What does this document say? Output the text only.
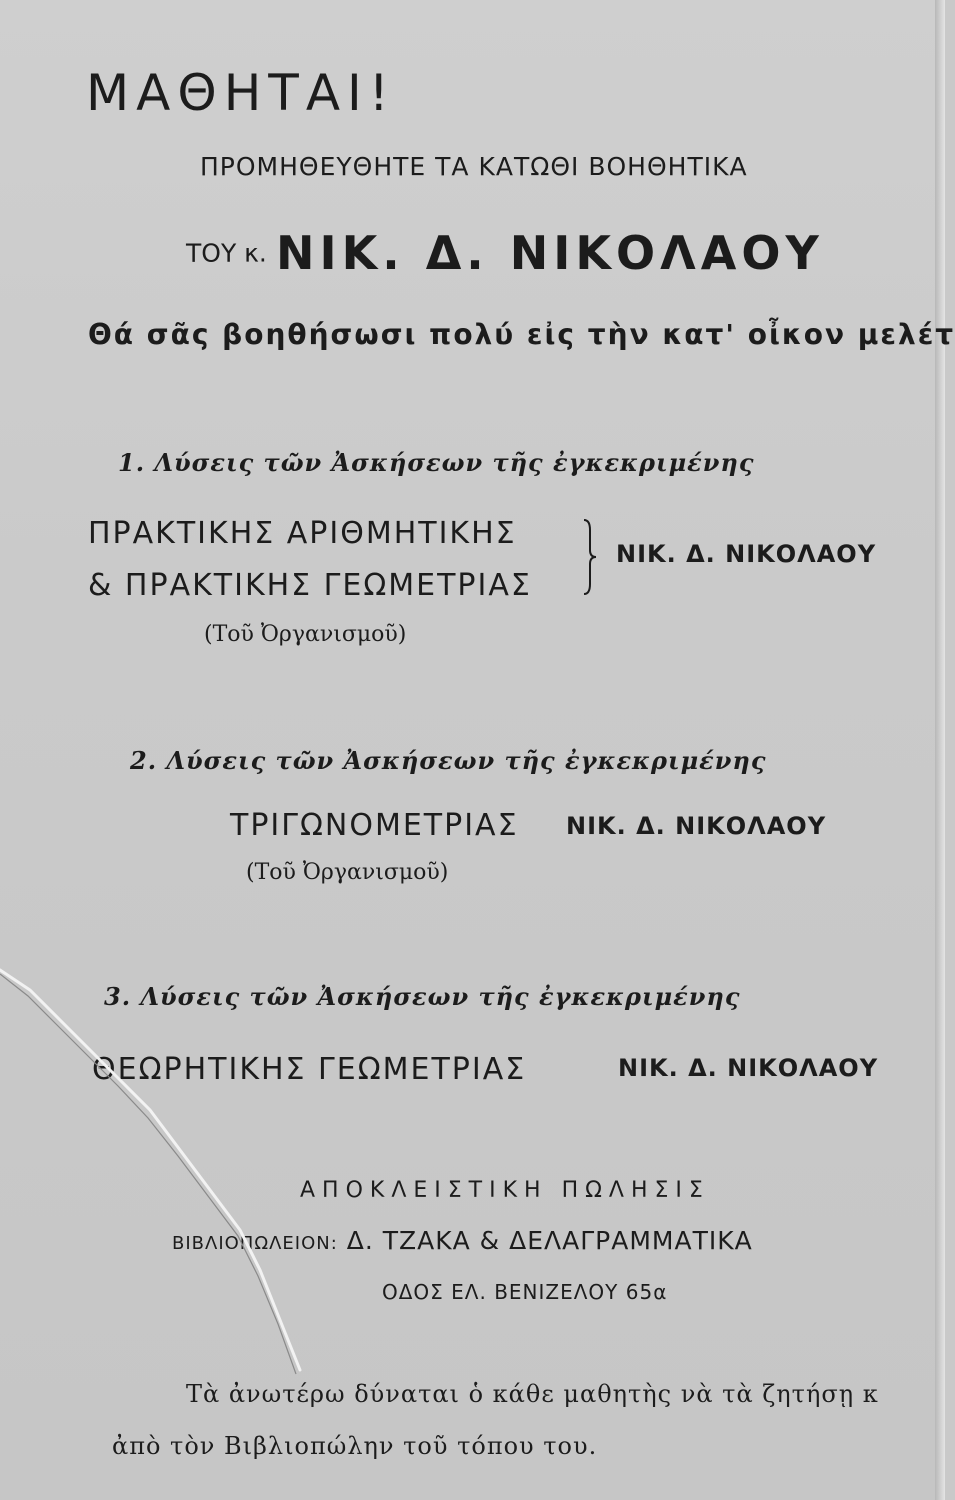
ΜΑΘΗΤΑΙ!
ΠΡΟΜΗΘΕΥΘΗΤΕ ΤΑ ΚΑΤΩΘΙ ΒΟΗΘΗΤΙΚΑ
ΤΟΥ κ. ΝΙΚ. Δ. ΝΙΚΟΛΑΟΥ
Θά σᾶς βοηθήσωσι πολύ εἰς τὴν κατ' οἶκον μελέτ
1. Λύσεις τῶν Ἀσκήσεων τῆς ἐγκεκριμένης
ΠΡΑΚΤΙΚΗΣ ΑΡΙΘΜΗΤΙΚΗΣ
& ΠΡΑΚΤΙΚΗΣ ΓΕΩΜΕΤΡΙΑΣ
ΝΙΚ. Δ. ΝΙΚΟΛΑΟΥ
(Τοῦ Ὀργανισμοῦ)
2. Λύσεις τῶν Ἀσκήσεων τῆς ἐγκεκριμένης
ΤΡΙΓΩΝΟΜΕΤΡΙΑΣ ΝΙΚ. Δ. ΝΙΚΟΛΑΟΥ
(Τοῦ Ὀργανισμοῦ)
3. Λύσεις τῶν Ἀσκήσεων τῆς ἐγκεκριμένης
ΘΕΩΡΗΤΙΚΗΣ ΓΕΩΜΕΤΡΙΑΣ	ΝΙΚ. Δ. ΝΙΚΟΛΑΟΥ
ΑΠΟΚΛΕΙΣΤΙΚΗ ΠΩΛΗΣΙΣ
ΒΙΒΛΙΟΠΩΛΕΙΟΝ: Δ. ΤΖΑΚΑ & ΔΕΛΑΓΡΑΜΜΑΤΙΚΑ
ΟΔΟΣ ΕΛ. ΒΕΝΙΖΕΛΟΥ 65α
Τὰ ἀνωτέρω δύναται ὁ κάθε μαθητὴς νὰ τὰ ζητήσῃ κ
ἀπὸ τὸν Βιβλιοπώλην τοῦ τόπου του.
